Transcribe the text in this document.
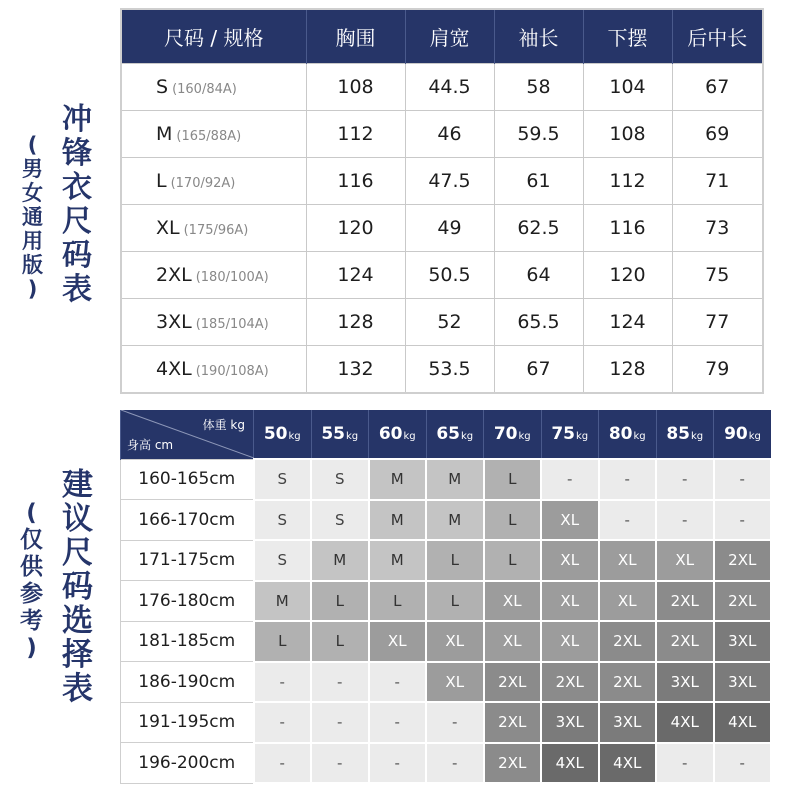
冲
锋
衣
尺
码
表
(
男
女
通
用
版
)
建
议
尺
码
选
择
表
(
仅
供
参
考
)
尺码 / 规格	胸围	肩宽	袖长	下摆	后中长
S (160/84A)	108	44.5	58	104	67
M (165/88A)	112	46	59.5	108	69
L (170/92A)	116	47.5	61	112	71
XL (175/96A)	120	49	62.5	116	73
2XL (180/100A)	124	50.5	64	120	75
3XL (185/104A)	128	52	65.5	124	77
4XL (190/108A)	132	53.5	67	128	79
体重 kg
身高 cm	50kg	55kg	60kg	65kg	70kg	75kg	80kg	85kg	90kg
160-165cm	S	S	M	M	L	-	-	-	-
166-170cm	S	S	M	M	L	XL	-	-	-
171-175cm	S	M	M	L	L	XL	XL	XL	2XL
176-180cm	M	L	L	L	XL	XL	XL	2XL	2XL
181-185cm	L	L	XL	XL	XL	XL	2XL	2XL	3XL
186-190cm	-	-	-	XL	2XL	2XL	2XL	3XL	3XL
191-195cm	-	-	-	-	2XL	3XL	3XL	4XL	4XL
196-200cm	-	-	-	-	2XL	4XL	4XL	-	-
